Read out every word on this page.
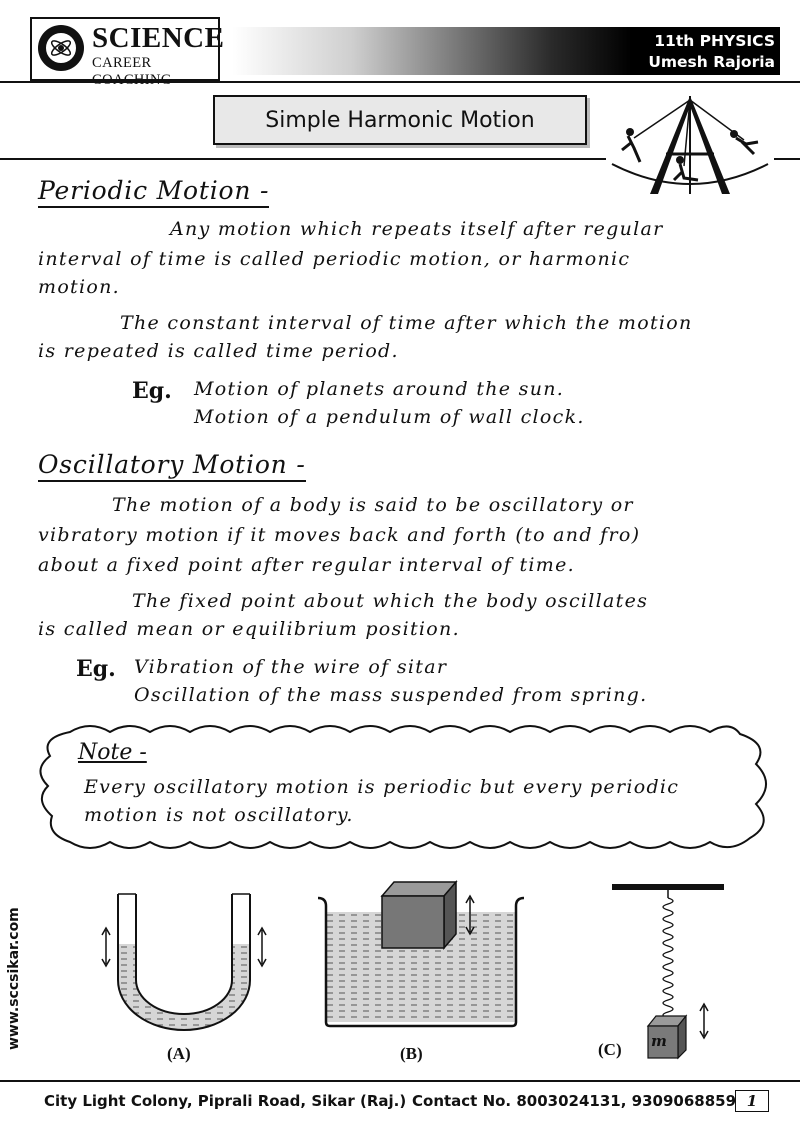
11th PHYSICS
Umesh Rajoria
SCIENCE
CAREER COACHING
Simple Harmonic Motion
Periodic Motion -
Any motion which repeats itself after regular
interval of time is called periodic motion, or harmonic
motion.
The constant interval of time after which the motion
is repeated is called time period.
Eg. Motion of planets around the sun.
Motion of a pendulum of wall clock.
Oscillatory Motion -
The motion of a body is said to be oscillatory or
vibratory motion if it moves back and forth (to and fro)
about a fixed point after regular interval of time.
The fixed point about which the body oscillates
is called mean or equilibrium position.
Eg. Vibration of the wire of sitar
Oscillation of the mass suspended from spring.
Note -
Every oscillatory motion is periodic but every periodic
motion is not oscillatory.
(A)	(B)
m
(C)
www.sccsikar.com
City Light Colony, Piprali Road, Sikar (Raj.) Contact No. 8003024131, 9309068859 1
